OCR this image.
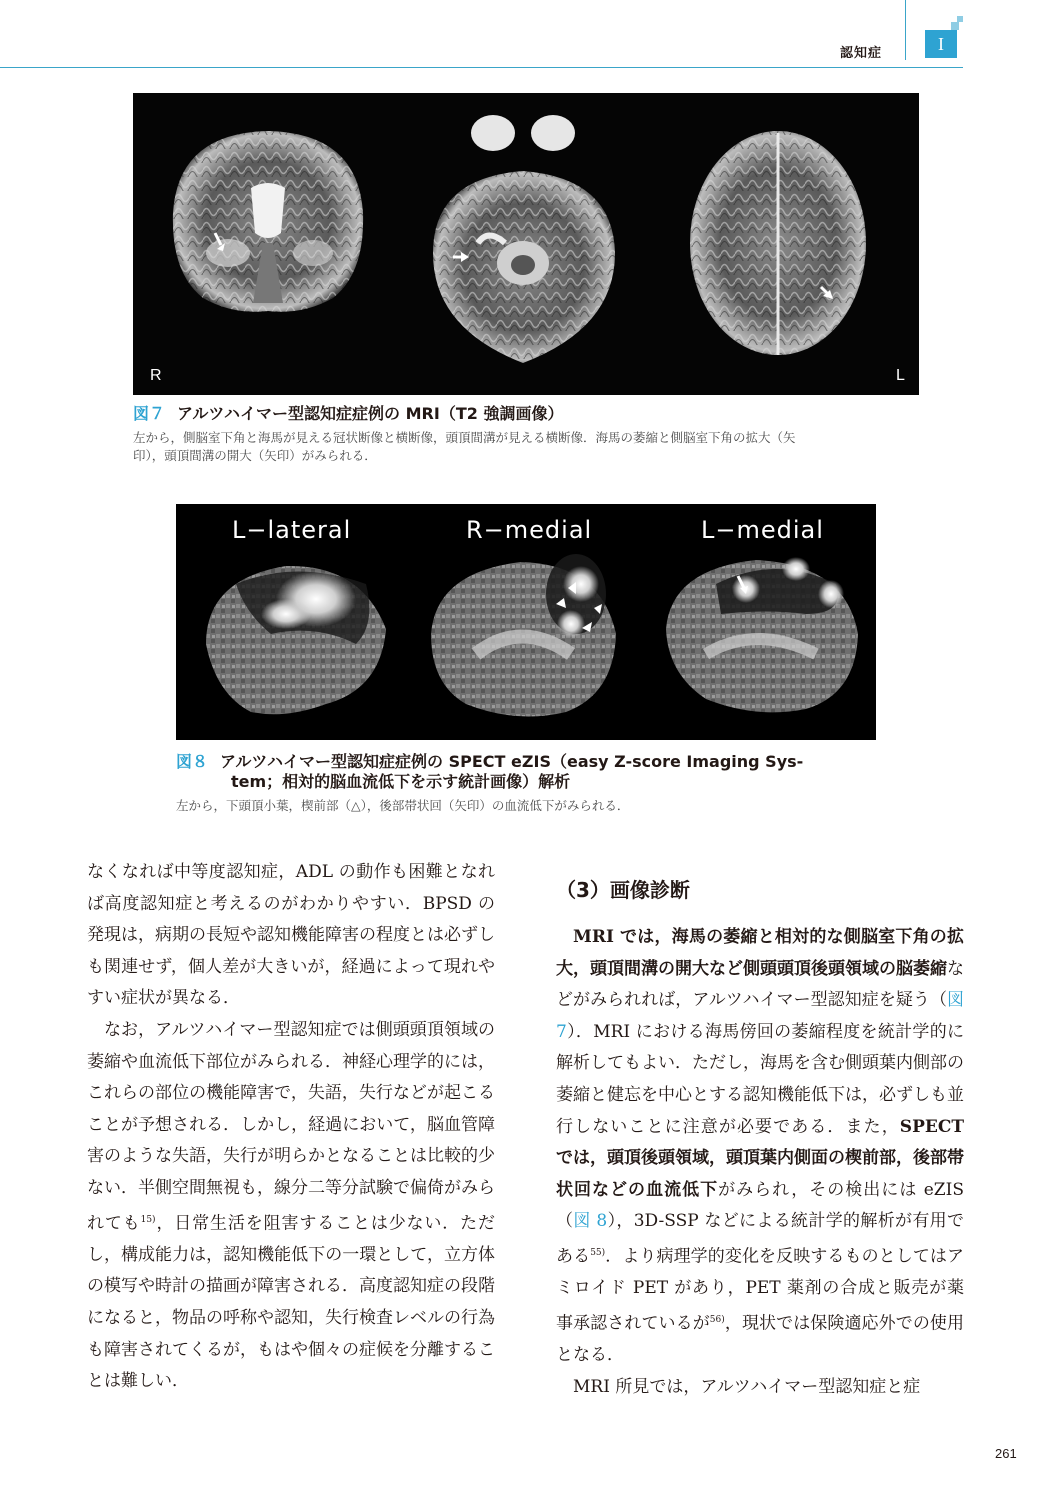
認知症	I
R	L
図７ アルツハイマー型認知症症例の MRI（T2 強調画像）
左から，側脳室下角と海馬が見える冠状断像と横断像，頭頂間溝が見える横断像．海馬の萎縮と側脳室下角の拡大（矢
印），頭頂間溝の開大（矢印）がみられる．
L−lateral	R−medial	L−medial
図８ アルツハイマー型認知症症例の SPECT eZIS（easy Z-score Imaging Sys-
tem；相対的脳血流低下を示す統計画像）解析
左から，下頭頂小葉，楔前部（△），後部帯状回（矢印）の血流低下がみられる．

なくなれば中等度認知症，ADL の動作も困難となれば高度認知症と考えるのがわかりやすい．BPSD の発現は，病期の長短や認知機能障害の程度とは必ずしも関連せず，個人差が大きいが，経過によって現れやすい症状が異なる．

なお，アルツハイマー型認知症では側頭頭頂領域の萎縮や血流低下部位がみられる．神経心理学的には，これらの部位の機能障害で，失語，失行などが起こることが予想される．しかし，経過において，脳血管障害のような失語，失行が明らかとなることは比較的少ない．半側空間無視も，線分二等分試験で偏倚がみられても$^{15)}$，日常生活を阻害することは少ない．ただし，構成能力は，認知機能低下の一環として，立方体の模写や時計の描画が障害される．高度認知症の段階になると，物品の呼称や認知，失行検査レベルの行為も障害されてくるが，もはや個々の症候を分離することは難しい．

（3）画像診断

MRI では，海馬の萎縮と相対的な側脳室下角の拡大，頭頂間溝の開大など側頭頭頂後頭領域の脳萎縮などがみられれば，アルツハイマー型認知症を疑う（図 7）．MRI における海馬傍回の萎縮程度を統計学的に解析してもよい．ただし，海馬を含む側頭葉内側部の萎縮と健忘を中心とする認知機能低下は，必ずしも並行しないことに注意が必要である．また，SPECT では，頭頂後頭領域，頭頂葉内側面の楔前部，後部帯状回などの血流低下がみられ，その検出には eZIS（図 8），3D-SSP などによる統計学的解析が有用である$^{55)}$．より病理学的変化を反映するものとしてはアミロイド PET があり，PET 薬剤の合成と販売が薬事承認されているが$^{56)}$，現状では保険適応外での使用となる．

MRI 所見では，アルツハイマー型認知症と症

261
